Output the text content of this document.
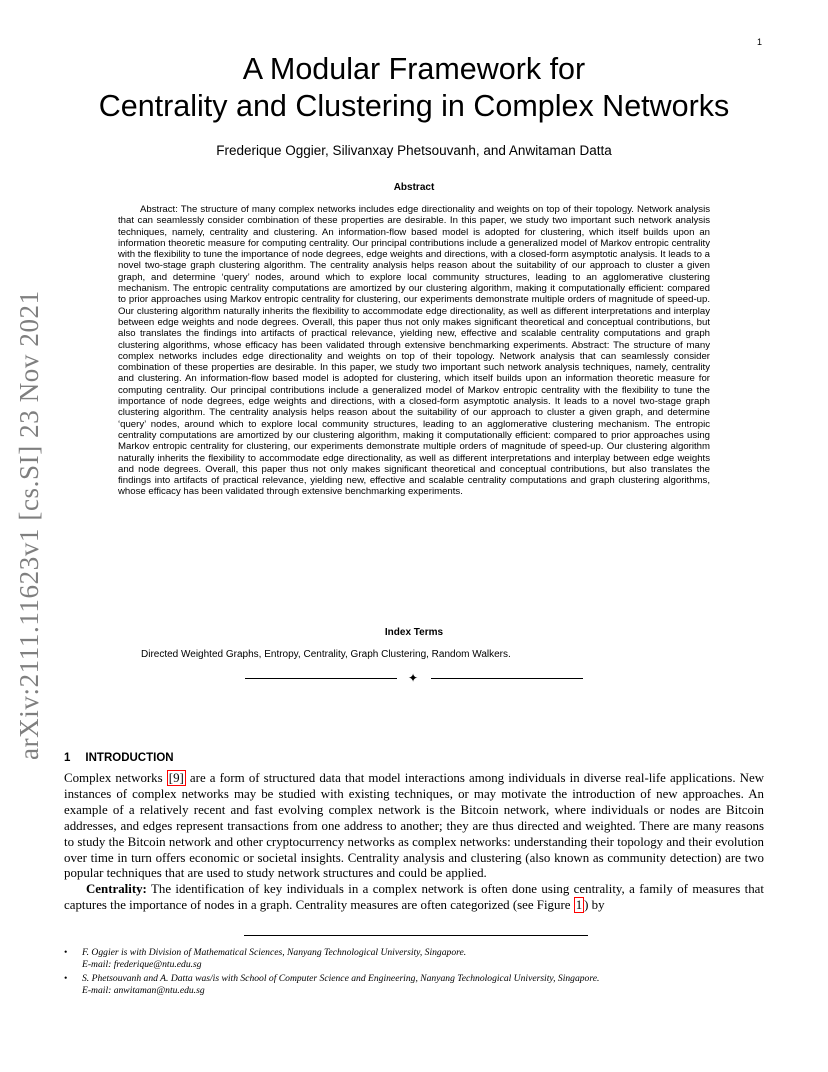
1
arXiv:2111.11623v1 [cs.SI] 23 Nov 2021
A Modular Framework for
Centrality and Clustering in Complex Networks
Frederique Oggier, Silivanxay Phetsouvanh, and Anwitaman Datta
Abstract

Abstract: The structure of many complex networks includes edge directionality and weights on top of their topology. Network analysis that can seamlessly consider combination of these properties are desirable. In this paper, we study two important such network analysis techniques, namely, centrality and clustering. An information-flow based model is adopted for clustering, which itself builds upon an information theoretic measure for computing centrality. Our principal contributions include a generalized model of Markov entropic centrality with the flexibility to tune the importance of node degrees, edge weights and directions, with a closed-form asymptotic analysis. It leads to a novel two-stage graph clustering algorithm. The centrality analysis helps reason about the suitability of our approach to cluster a given graph, and determine ‘query’ nodes, around which to explore local community structures, leading to an agglomerative clustering mechanism. The entropic centrality computations are amortized by our clustering algorithm, making it computationally efficient: compared to prior approaches using Markov entropic centrality for clustering, our experiments demonstrate multiple orders of magnitude of speed-up. Our clustering algorithm naturally inherits the flexibility to accommodate edge directionality, as well as different interpretations and interplay between edge weights and node degrees. Overall, this paper thus not only makes significant theoretical and conceptual contributions, but also translates the findings into artifacts of practical relevance, yielding new, effective and scalable centrality computations and graph clustering algorithms, whose efficacy has been validated through extensive benchmarking experiments. Abstract: The structure of many complex networks includes edge directionality and weights on top of their topology. Network analysis that can seamlessly consider combination of these properties are desirable. In this paper, we study two important such network analysis techniques, namely, centrality and clustering. An information-flow based model is adopted for clustering, which itself builds upon an information theoretic measure for computing centrality. Our principal contributions include a generalized model of Markov entropic centrality with the flexibility to tune the importance of node degrees, edge weights and directions, with a closed-form asymptotic analysis. It leads to a novel two-stage graph clustering algorithm. The centrality analysis helps reason about the suitability of our approach to cluster a given graph, and determine ‘query’ nodes, around which to explore local community structures, leading to an agglomerative clustering mechanism. The entropic centrality computations are amortized by our clustering algorithm, making it computationally efficient: compared to prior approaches using Markov entropic centrality for clustering, our experiments demonstrate multiple orders of magnitude of speed-up. Our clustering algorithm naturally inherits the flexibility to accommodate edge directionality, as well as different interpretations and interplay between edge weights and node degrees. Overall, this paper thus not only makes significant theoretical and conceptual contributions, but also translates the findings into artifacts of practical relevance, yielding new, effective and scalable centrality computations and graph clustering algorithms, whose efficacy has been validated through extensive benchmarking experiments.

Index Terms
Directed Weighted Graphs, Entropy, Centrality, Graph Clustering, Random Walkers.
✦
1 INTRODUCTION

Complex networks [9] are a form of structured data that model interactions among individuals in diverse real-life applications. New instances of complex networks may be studied with existing techniques, or may motivate the introduction of new approaches. An example of a relatively recent and fast evolving complex network is the Bitcoin network, where individuals or nodes are Bitcoin addresses, and edges represent transactions from one address to another; they are thus directed and weighted. There are many reasons to study the Bitcoin network and other cryptocurrency networks as complex networks: understanding their topology and their evolution over time in turn offers economic or societal insights. Centrality analysis and clustering (also known as community detection) are two popular techniques that are used to study network structures and could be applied.

Centrality: The identification of key individuals in a complex network is often done using centrality, a family of measures that captures the importance of nodes in a graph. Centrality measures are often categorized (see Figure 1 ) by

• F. Oggier is with Division of Mathematical Sciences, Nanyang Technological University, Singapore.
E-mail: frederique@ntu.edu.sg
• S. Phetsouvanh and A. Datta was/is with School of Computer Science and Engineering, Nanyang Technological University, Singapore.
E-mail: anwitaman@ntu.edu.sg
